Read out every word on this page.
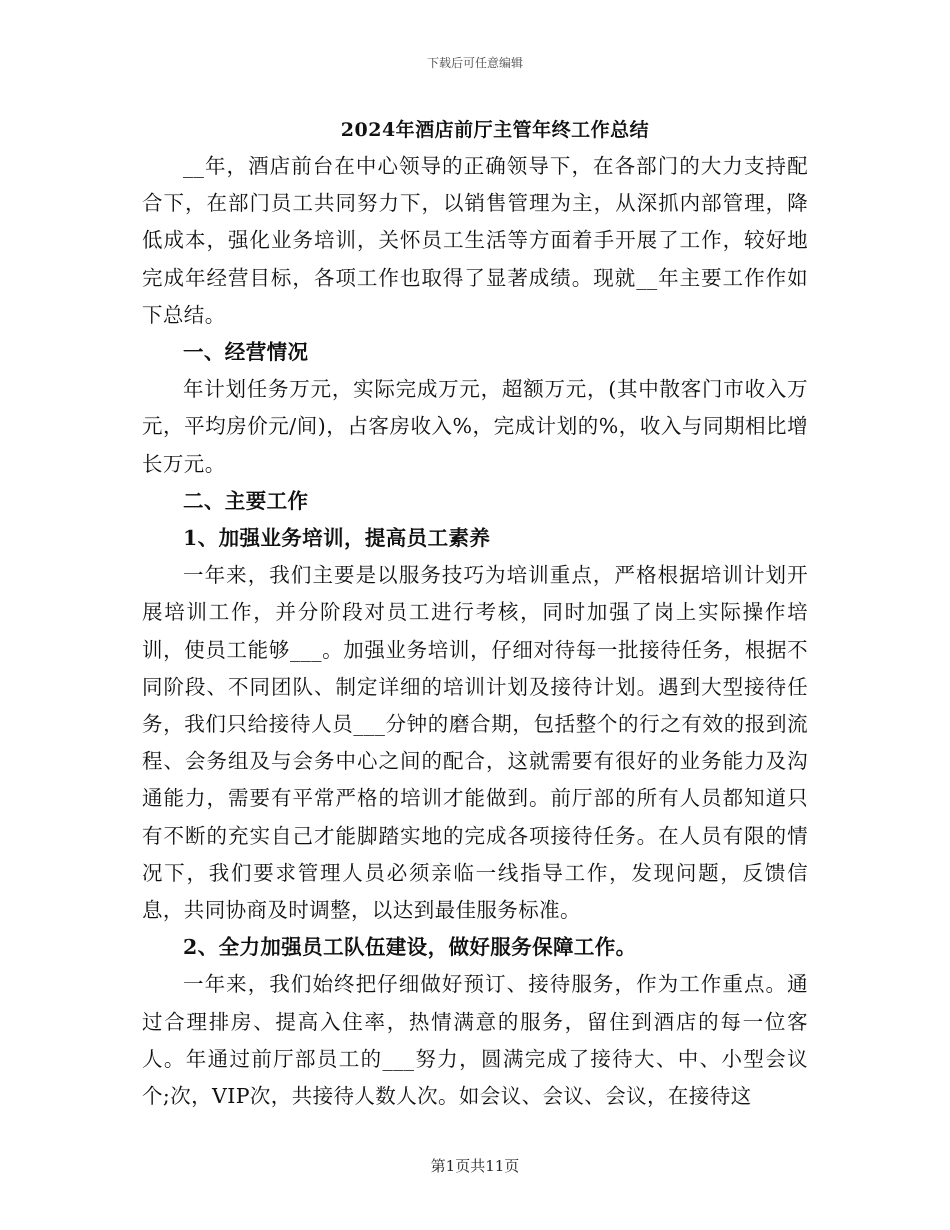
下载后可任意编辑
2024年酒店前厅主管年终工作总结

__年，酒店前台在中心领导的正确领导下，在各部门的大力支持配合下，在部门员工共同努力下，以销售管理为主，从深抓内部管理，降低成本，强化业务培训，关怀员工生活等方面着手开展了工作，较好地完成年经营目标，各项工作也取得了显著成绩。现就__年主要工作作如下总结。

一、经营情况

年计划任务万元，实际完成万元，超额万元，(其中散客门市收入万元，平均房价元/间)，占客房收入%，完成计划的%，收入与同期相比增长万元。

二、主要工作

1、加强业务培训，提高员工素养

一年来，我们主要是以服务技巧为培训重点，严格根据培训计划开展培训工作，并分阶段对员工进行考核，同时加强了岗上实际操作培训，使员工能够___。加强业务培训，仔细对待每一批接待任务，根据不同阶段、不同团队、制定详细的培训计划及接待计划。遇到大型接待任务，我们只给接待人员___分钟的磨合期，包括整个的行之有效的报到流程、会务组及与会务中心之间的配合，这就需要有很好的业务能力及沟通能力，需要有平常严格的培训才能做到。前厅部的所有人员都知道只有不断的充实自己才能脚踏实地的完成各项接待任务。在人员有限的情况下，我们要求管理人员必须亲临一线指导工作，发现问题，反馈信息，共同协商及时调整，以达到最佳服务标准。

2、全力加强员工队伍建设，做好服务保障工作。

一年来，我们始终把仔细做好预订、接待服务，作为工作重点。通过合理排房、提高入住率，热情满意的服务，留住到酒店的每一位客人。年通过前厅部员工的___努力，圆满完成了接待大、中、小型会议个;次，VIP次，共接待人数人次。如会议、会议、会议，在接待这

第1页共11页
